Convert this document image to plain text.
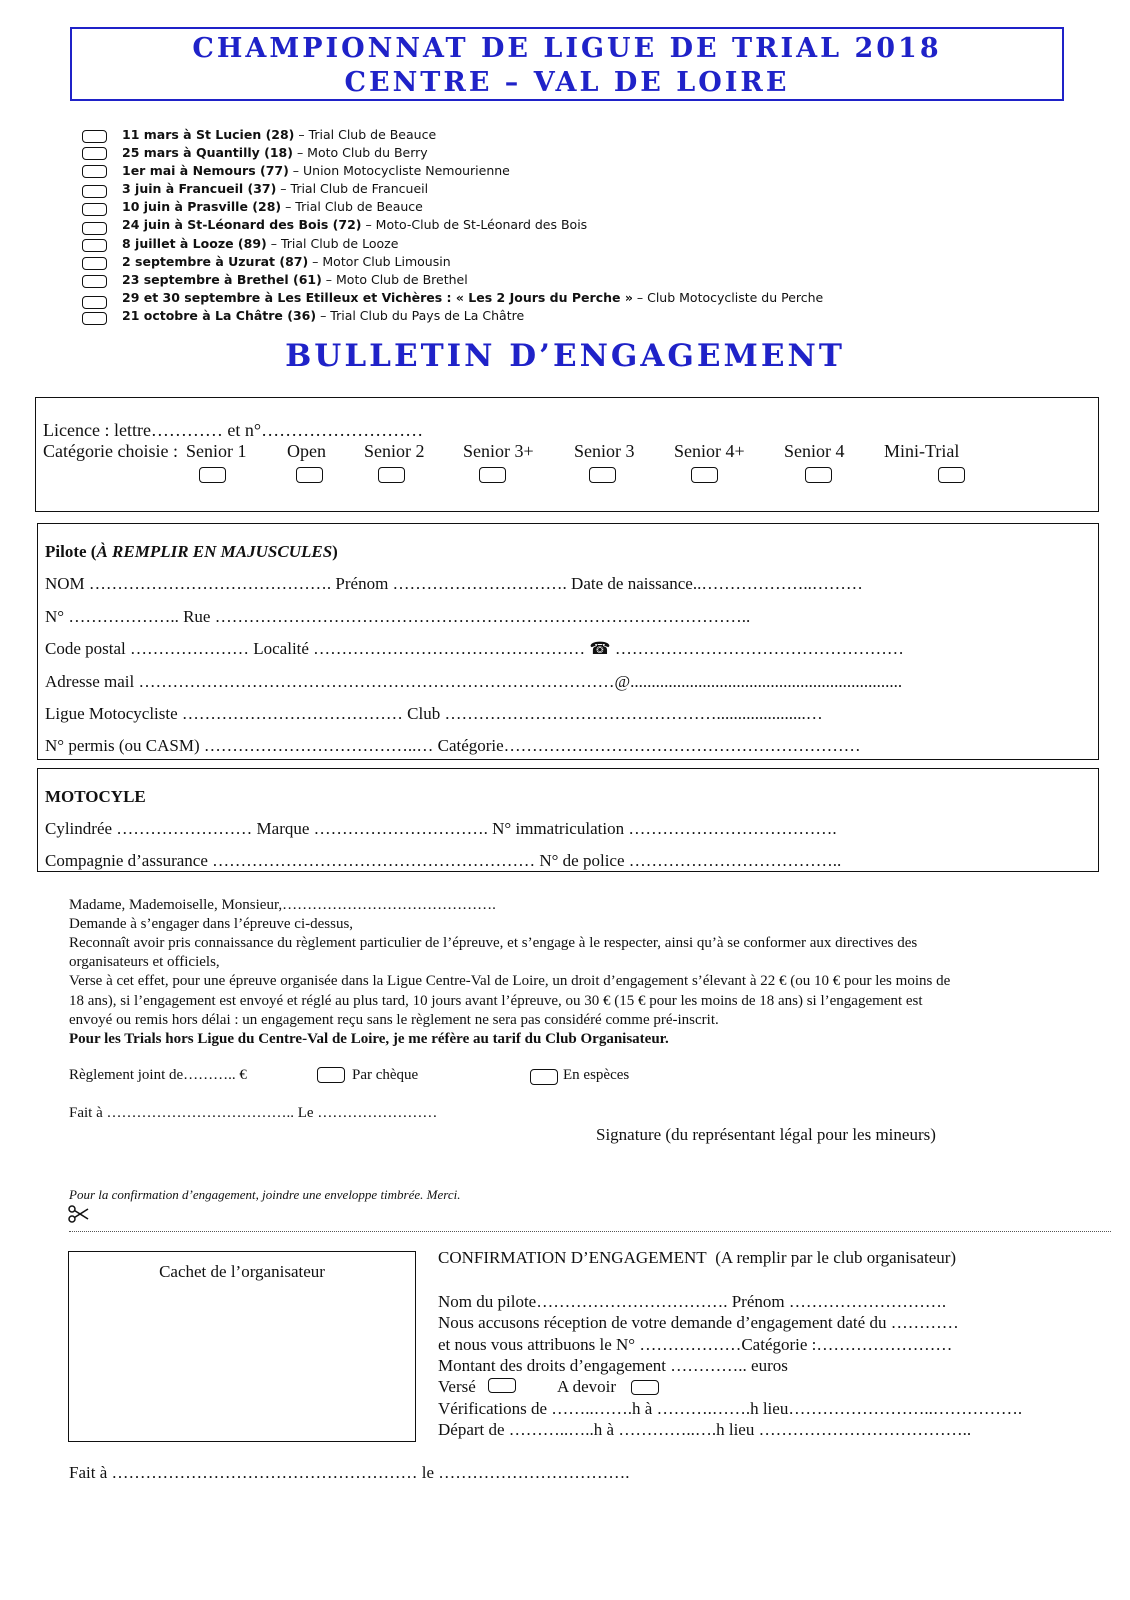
CHAMPIONNAT DE LIGUE DE TRIAL 2018
CENTRE – VAL DE LOIRE
11 mars à St Lucien (28) – Trial Club de Beauce
25 mars à Quantilly (18) – Moto Club du Berry
1er mai à Nemours (77) – Union Motocycliste Nemourienne
3 juin à Francueil (37) – Trial Club de Francueil
10 juin à Prasville (28) – Trial Club de Beauce
24 juin à St-Léonard des Bois (72) – Moto-Club de St-Léonard des Bois
8 juillet à Looze (89) – Trial Club de Looze
2 septembre à Uzurat (87) – Motor Club Limousin
23 septembre à Brethel (61) – Moto Club de Brethel
29 et 30 septembre à Les Etilleux et Vichères : « Les 2 Jours du Perche » – Club Motocycliste du Perche
21 octobre à La Châtre (36) – Trial Club du Pays de La Châtre
BULLETIN D’ENGAGEMENT
Licence : lettre………… et n°………………………
Catégorie choisie : Senior 1 Open Senior 2 Senior 3+ Senior 3 Senior 4+ Senior 4 Mini-Trial
Pilote (À REMPLIR EN MAJUSCULES)
NOM ……………………………………. Prénom …………………………. Date de naissance..………………..………
N° ……………….. Rue …………………………………………………………………………………..
Code postal ………………… Localité ………………………………………… ☎ ……………………………………………
Adresse mail …………………………………………………………………………@................................................................
Ligue Motocycliste ………………………………… Club ………………………………………….....................…
N° permis (ou CASM) ………………………………..… Catégorie………………………………………………………
MOTOCYLE
Cylindrée …………………… Marque …………………………. N° immatriculation ……………………………….
Compagnie d’assurance ………………………………………………… N° de police ………………………………..
Madame, Mademoiselle, Monsieur,…………………………………….
Demande à s’engager dans l’épreuve ci-dessus,
Reconnaît avoir pris connaissance du règlement particulier de l’épreuve, et s’engage à le respecter, ainsi qu’à se conformer aux directives des
organisateurs et officiels,
Verse à cet effet, pour une épreuve organisée dans la Ligue Centre-Val de Loire, un droit d’engagement s’élevant à 22 € (ou 10 € pour les moins de
18 ans), si l’engagement est envoyé et réglé au plus tard, 10 jours avant l’épreuve, ou 30 € (15 € pour les moins de 18 ans) si l’engagement est
envoyé ou remis hors délai : un engagement reçu sans le règlement ne sera pas considéré comme pré-inscrit.
Pour les Trials hors Ligue du Centre-Val de Loire, je me réfère au tarif du Club Organisateur.
Règlement joint de……….. €	Par chèque	En espèces
Fait à ……………………………….. Le ……………………
Signature (du représentant légal pour les mineurs)
Pour la confirmation d’engagement, joindre une enveloppe timbrée. Merci.
Cachet de l’organisateur
CONFIRMATION D’ENGAGEMENT (A remplir par le club organisateur)
Nom du pilote……………………………. Prénom ……………………….
Nous accusons réception de votre demande d’engagement daté du …………
et nous vous attribuons le N° ………………Catégorie :……………………
Montant des droits d’engagement ………….. euros
Versé	A devoir
Vérifications de ……..…….h à ……….…….h lieu……………………..…………….
Départ de ………..…..h à …………..….h lieu ………………………………..
Fait à ……………………………………………… le …………………………….
